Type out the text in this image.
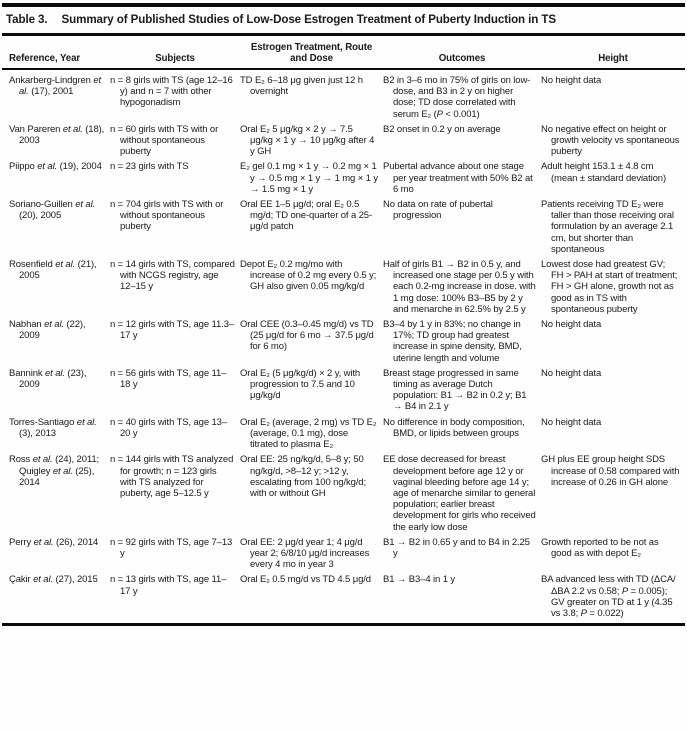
Table 3. Summary of Published Studies of Low-Dose Estrogen Treatment of Puberty Induction in TS
Reference, Year	Subjects	Estrogen Treatment, Route and Dose	Outcomes	Height
Ankarberg-Lindgren et al. (17), 2001	n = 8 girls with TS (age 12–16 y) and n = 7 with other hypogonadism	TD E₂ 6–18 μg given just 12 h overnight	B2 in 3–6 mo in 75% of girls on low-dose, and B3 in 2 y on higher dose; TD dose correlated with serum E₂ (P < 0.001)	No height data
Van Pareren et al. (18), 2003	n = 60 girls with TS with or without spontaneous puberty	Oral E₂ 5 μg/kg × 2 y → 7.5 μg/kg × 1 y → 10 μg/kg after 4 y GH	B2 onset in 0.2 y on average	No negative effect on height or growth velocity vs spontaneous puberty
Piippo et al. (19), 2004	n = 23 girls with TS	E₂ gel 0.1 mg × 1 y → 0.2 mg × 1 y → 0.5 mg × 1 y → 1 mg × 1 y → 1.5 mg × 1 y	Pubertal advance about one stage per year treatment with 50% B2 at 6 mo	Adult height 153.1 ± 4.8 cm (mean ± standard deviation)
Soriano-Guillen et al. (20), 2005	n = 704 girls with TS with or without spontaneous puberty	Oral EE 1–5 μg/d; oral E₂ 0.5 mg/d; TD one-quarter of a 25-μg/d patch	No data on rate of pubertal progression	Patients receiving TD E₂ were taller than those receiving oral formulation by an average 2.1 cm, but shorter than spontaneous
Rosenfield et al. (21), 2005	n = 14 girls with TS, compared with NCGS registry, age 12–15 y	Depot E₂ 0.2 mg/mo with increase of 0.2 mg every 0.5 y; GH also given 0.05 mg/kg/d	Half of girls B1 → B2 in 0.5 y, and increased one stage per 0.5 y with each 0.2-mg increase in dose. with 1 mg dose: 100% B3–B5 by 2 y and menarche in 62.5% by 2.5 y	Lowest dose had greatest GV; FH > PAH at start of treatment; FH > GH alone, growth not as good as in TS with spontaneous puberty
Nabhan et al. (22), 2009	n = 12 girls with TS, age 11.3–17 y	Oral CEE (0.3–0.45 mg/d) vs TD (25 μg/d for 6 mo → 37.5 μg/d for 6 mo)	B3–4 by 1 y in 83%; no change in 17%; TD group had greatest increase in spine density, BMD, uterine length and volume	No height data
Bannink et al. (23), 2009	n = 56 girls with TS, age 11–18 y	Oral E₂ (5 μg/kg/d) × 2 y, with progression to 7.5 and 10 μg/kg/d	Breast stage progressed in same timing as average Dutch population: B1 → B2 in 0.2 y; B1 → B4 in 2.1 y	No height data
Torres-Santiago et al. (3), 2013	n = 40 girls with TS, age 13–20 y	Oral E₂ (average, 2 mg) vs TD E₂ (average, 0.1 mg), dose titrated to plasma E₂	No difference in body composition, BMD, or lipids between groups	No height data
Ross et al. (24), 2011; Quigley et al. (25), 2014	n = 144 girls with TS analyzed for growth; n = 123 girls with TS analyzed for puberty, age 5–12.5 y	Oral EE: 25 ng/kg/d, 5–8 y; 50 ng/kg/d, >8–12 y; >12 y, escalating from 100 ng/kg/d; with or without GH	EE dose decreased for breast development before age 12 y or vaginal bleeding before age 14 y; age of menarche similar to general population; earlier breast development for girls who received the early low dose	GH plus EE group height SDS increase of 0.58 compared with increase of 0.26 in GH alone
Perry et al. (26), 2014	n = 92 girls with TS, age 7–13 y	Oral EE: 2 μg/d year 1; 4 μg/d year 2; 6/8/10 μg/d increases every 4 mo in year 3	B1 → B2 in 0.65 y and to B4 in 2.25 y	Growth reported to be not as good as with depot E₂
Çakir et al. (27), 2015	n = 13 girls with TS, age 11–17 y	Oral E₂ 0.5 mg/d vs TD 4.5 μg/d	B1 → B3–4 in 1 y	BA advanced less with TD (ΔCA/ΔBA 2.2 vs 0.58; P = 0.005); GV greater on TD at 1 y (4.35 vs 3.8; P = 0.022)
